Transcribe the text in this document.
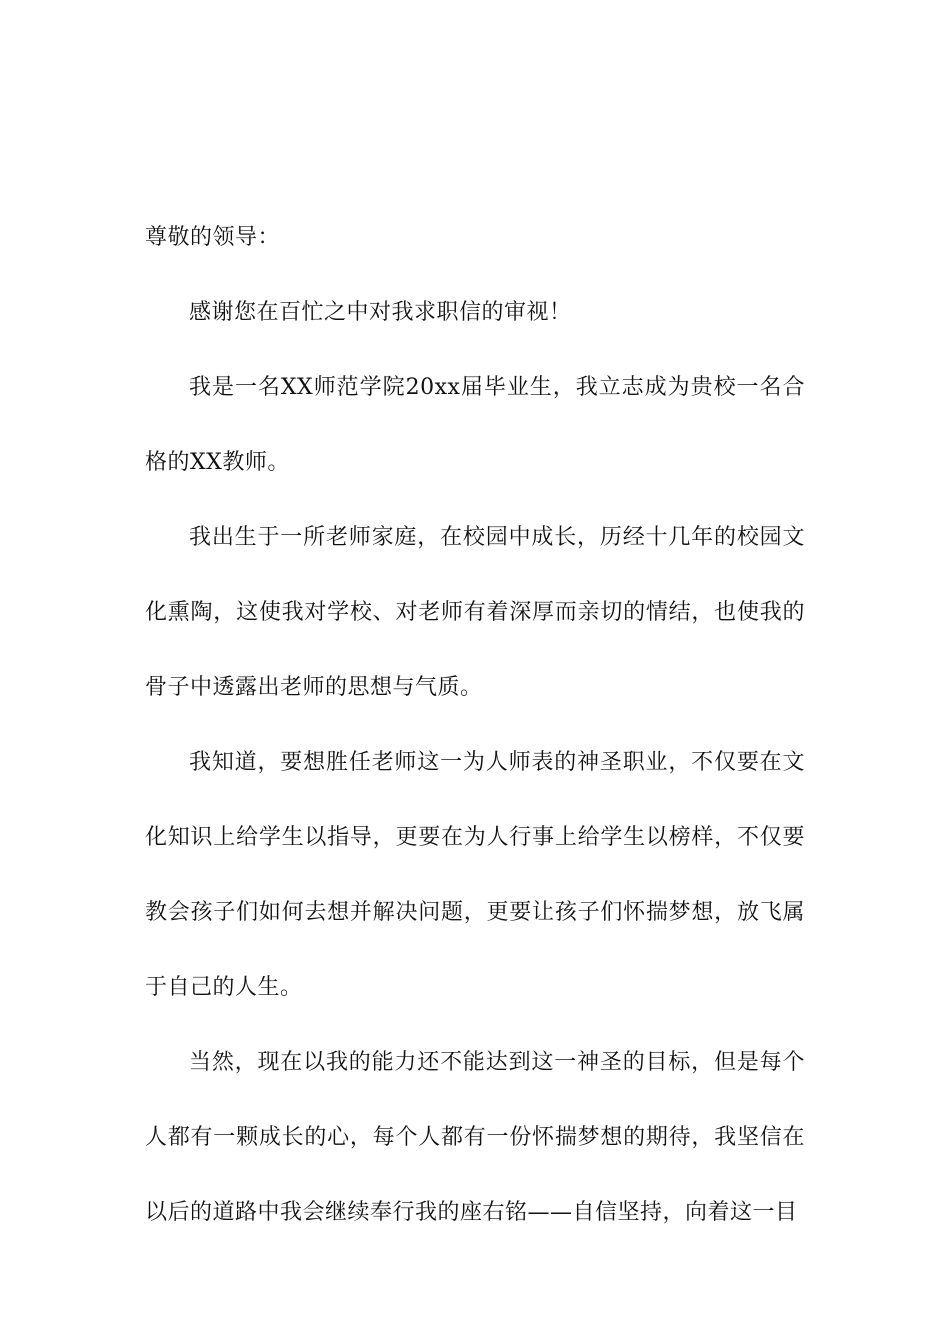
尊敬的领导：

感谢您在百忙之中对我求职信的审视！

我是一名XX师范学院20xx届毕业生，我立志成为贵校一名合格的XX教师。

我出生于一所老师家庭，在校园中成长，历经十几年的校园文化熏陶，这使我对学校、对老师有着深厚而亲切的情结，也使我的骨子中透露出老师的思想与气质。

我知道，要想胜任老师这一为人师表的神圣职业，不仅要在文化知识上给学生以指导，更要在为人行事上给学生以榜样，不仅要教会孩子们如何去想并解决问题，更要让孩子们怀揣梦想，放飞属于自己的人生。

当然，现在以我的能力还不能达到这一神圣的目标，但是每个人都有一颗成长的心，每个人都有一份怀揣梦想的期待，我坚信在以后的道路中我会继续奉行我的座右铭——自信坚持，向着这一目
